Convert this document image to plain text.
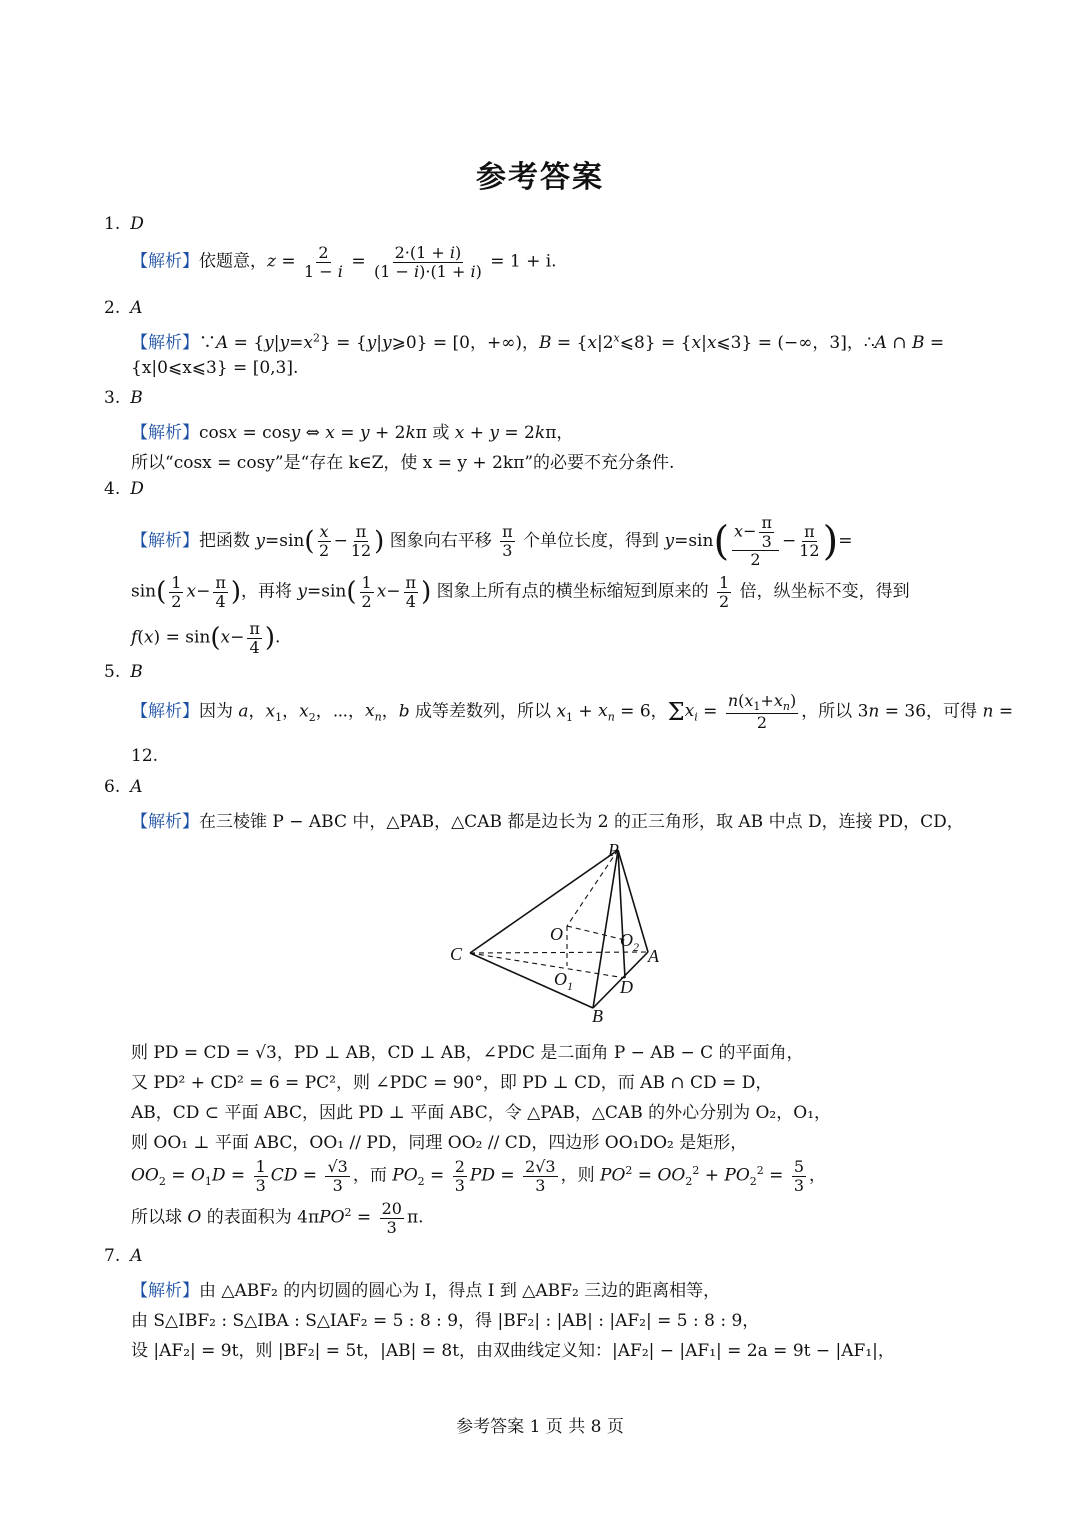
参考答案
1. D
【解析】依题意，$z = \frac{2}{1 - i} = \frac{2\cdot(1 + i)}{(1 - i)\cdot(1 + i)} = 1 + i$.
2. A
【解析】∵A = $\{y|y=x^2\}$ = {y|y⩾0} = [0，+∞)，$B = \{x|2^x⩽8\}$ = {x|x⩽3} = (−∞，3]，∴A ∩ B =
{x|0⩽x⩽3} = [0,3].
3. B
【解析】cosx = cosy ⇔ x = y + 2kπ 或 x + y = 2kπ，
所以“cosx = cosy”是“存在 k∈Z，使 x = y + 2kπ”的必要不充分条件.
4. D
【解析】把函数 $y=\sin( \frac{x}{2} - \frac{\pi}{12}$ ) 图象向右平移 $\frac{\pi}{3}$ 个单位长度，得到 $y=\sin( \frac{x- \frac{\pi}{3}}{2} - \frac{\pi}{12}$ )=
$\sin( \frac{1}{2} x- \frac{\pi}{4}$ )，再将 $y=\sin( \frac{1}{2} x- \frac{\pi}{4}$ ) 图象上所有点的横坐标缩短到原来的 $\frac{1}{2}$ 倍，纵坐标不变，得到
$f(x) = \sin(x- \frac{\pi}{4}$ ).
5. B
【解析】因为 a，$x_1$，$x_2$，⋯，$x_n$，b 成等差数列，所以 $x_1 + x_n = 6$，$\Sigma x_i = \frac{n(x_1+x_n)}{2}$ ，所以 3n = 36，可得 n =
12.
6. A
【解析】在三棱锥 P − ABC 中，△PAB，△CAB 都是边长为 2 的正三角形，取 AB 中点 D，连接 PD，CD，
P
O	$O_2$
C	A
$O_1$	D
B
则 PD = CD = √3，PD ⊥ AB，CD ⊥ AB，∠PDC 是二面角 P − AB − C 的平面角，
又 PD² + CD² = 6 = PC²，则 ∠PDC = 90°，即 PD ⊥ CD，而 AB ∩ CD = D，
AB，CD ⊂ 平面 ABC，因此 PD ⊥ 平面 ABC，令 △PAB，△CAB 的外心分别为 O₂，O₁，
则 OO₁ ⊥ 平面 ABC，OO₁ // PD，同理 OO₂ // CD，四边形 OO₁DO₂ 是矩形，
$OO_2 = O_1D = \frac{1}{3}$ CD = $\frac{√3}{3}$ ，而 $PO_2 = \frac{2}{3}$ PD = $\frac{2√3}{3}$ ，则 $PO^2 = OO_2^2 + PO_2^2 = \frac{5}{3}$ ，
所以球 O 的表面积为 $4\pi PO^2 = \frac{20}{3} \pi$.
7. A
【解析】由 △ABF₂ 的内切圆的圆心为 I，得点 I 到 △ABF₂ 三边的距离相等，
由 S△IBF₂ : S△IBA : S△IAF₂ = 5 : 8 : 9，得 |BF₂| : |AB| : |AF₂| = 5 : 8 : 9，
设 |AF₂| = 9t，则 |BF₂| = 5t，|AB| = 8t，由双曲线定义知：|AF₂| − |AF₁| = 2a = 9t − |AF₁|，
参考答案 1 页 共 8 页
